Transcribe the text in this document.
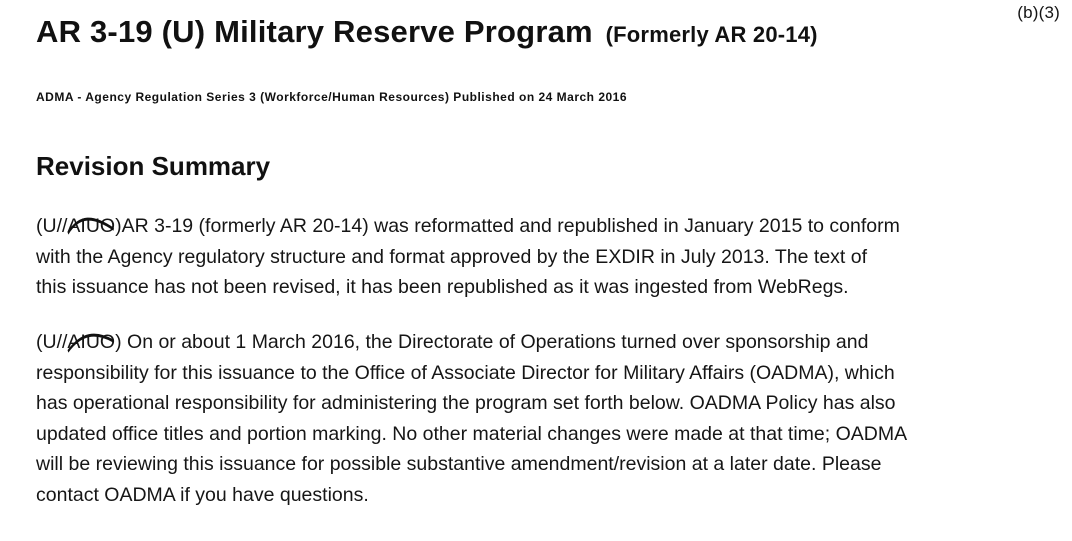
(b)(3)
AR 3-19 (U) Military Reserve Program (Formerly AR 20-14)
ADMA - Agency Regulation Series 3 (Workforce/Human Resources) Published on 24 March 2016
Revision Summary

(U//AIUO
)AR 3-19 (formerly AR 20-14) was reformatted and republished in January 2015 to conform
with the Agency regulatory structure and format approved by the EXDIR in July 2013. The text of
this issuance has not been revised, it has been republished as it was ingested from WebRegs.

(U//AIUO
) On or about 1 March 2016, the Directorate of Operations turned over sponsorship and
responsibility for this issuance to the Office of Associate Director for Military Affairs (OADMA), which
has operational responsibility for administering the program set forth below. OADMA Policy has also
updated office titles and portion marking. No other material changes were made at that time; OADMA
will be reviewing this issuance for possible substantive amendment/revision at a later date. Please
contact OADMA if you have questions.
